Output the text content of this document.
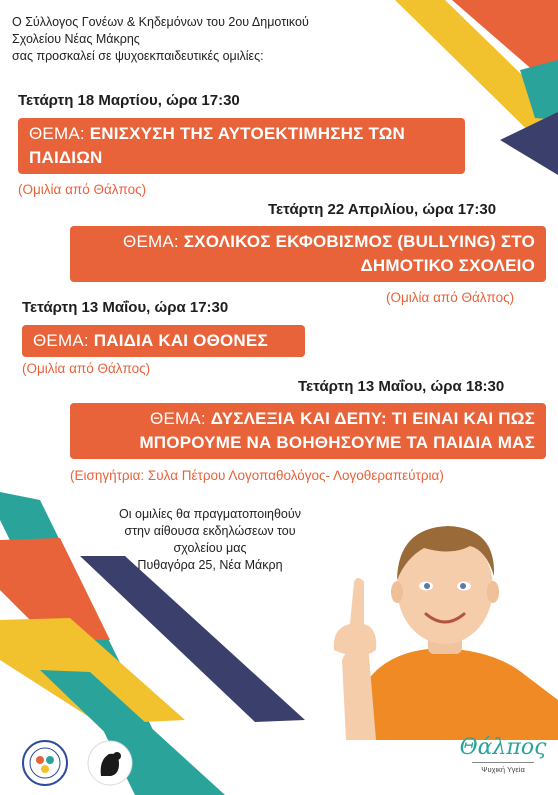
Ο Σύλλογος Γονέων & Κηδεμόνων του 2ου Δημοτικού
Σχολείου Νέας Μάκρης
σας προσκαλεί σε ψυχοεκπαιδευτικές ομιλίες:
Τετάρτη 18 Μαρτίου, ώρα 17:30
ΘΕΜΑ: ΕΝΙΣΧΥΣΗ ΤΗΣ ΑΥΤΟΕΚΤΙΜΗΣΗΣ ΤΩΝ
ΠΑΙΔΙΩΝ
(Ομιλία από Θάλπος)
Τετάρτη 22 Απριλίου, ώρα 17:30
ΘΕΜΑ: ΣΧΟΛΙΚΟΣ ΕΚΦΟΒΙΣΜΟΣ (BULLYING) ΣΤΟ
ΔΗΜΟΤΙΚΟ ΣΧΟΛΕΙΟ
(Ομιλία από Θάλπος)
Τετάρτη 13 Μαΐου, ώρα 17:30
ΘΕΜΑ: ΠΑΙΔΙΑ ΚΑΙ ΟΘΟΝΕΣ
(Ομιλία από Θάλπος)
Τετάρτη 13 Μαΐου, ώρα 18:30
ΘΕΜΑ: ΔΥΣΛΕΞΙΑ ΚΑΙ ΔΕΠΥ: ΤΙ ΕΙΝΑΙ ΚΑΙ ΠΩΣ
ΜΠΟΡΟΥΜΕ ΝΑ ΒΟΗΘΗΣΟΥΜΕ ΤΑ ΠΑΙΔΙΑ ΜΑΣ
(Εισηγήτρια: Συλα Πέτρου Λογοπαθολόγος- Λογοθεραπεύτρια)
Οι ομιλίες θα πραγματοποιηθούν
στην αίθουσα εκδηλώσεων του
σχολείου μας
Πυθαγόρα 25, Νέα Μάκρη
Θάλπος
Ψυχική Υγεία
